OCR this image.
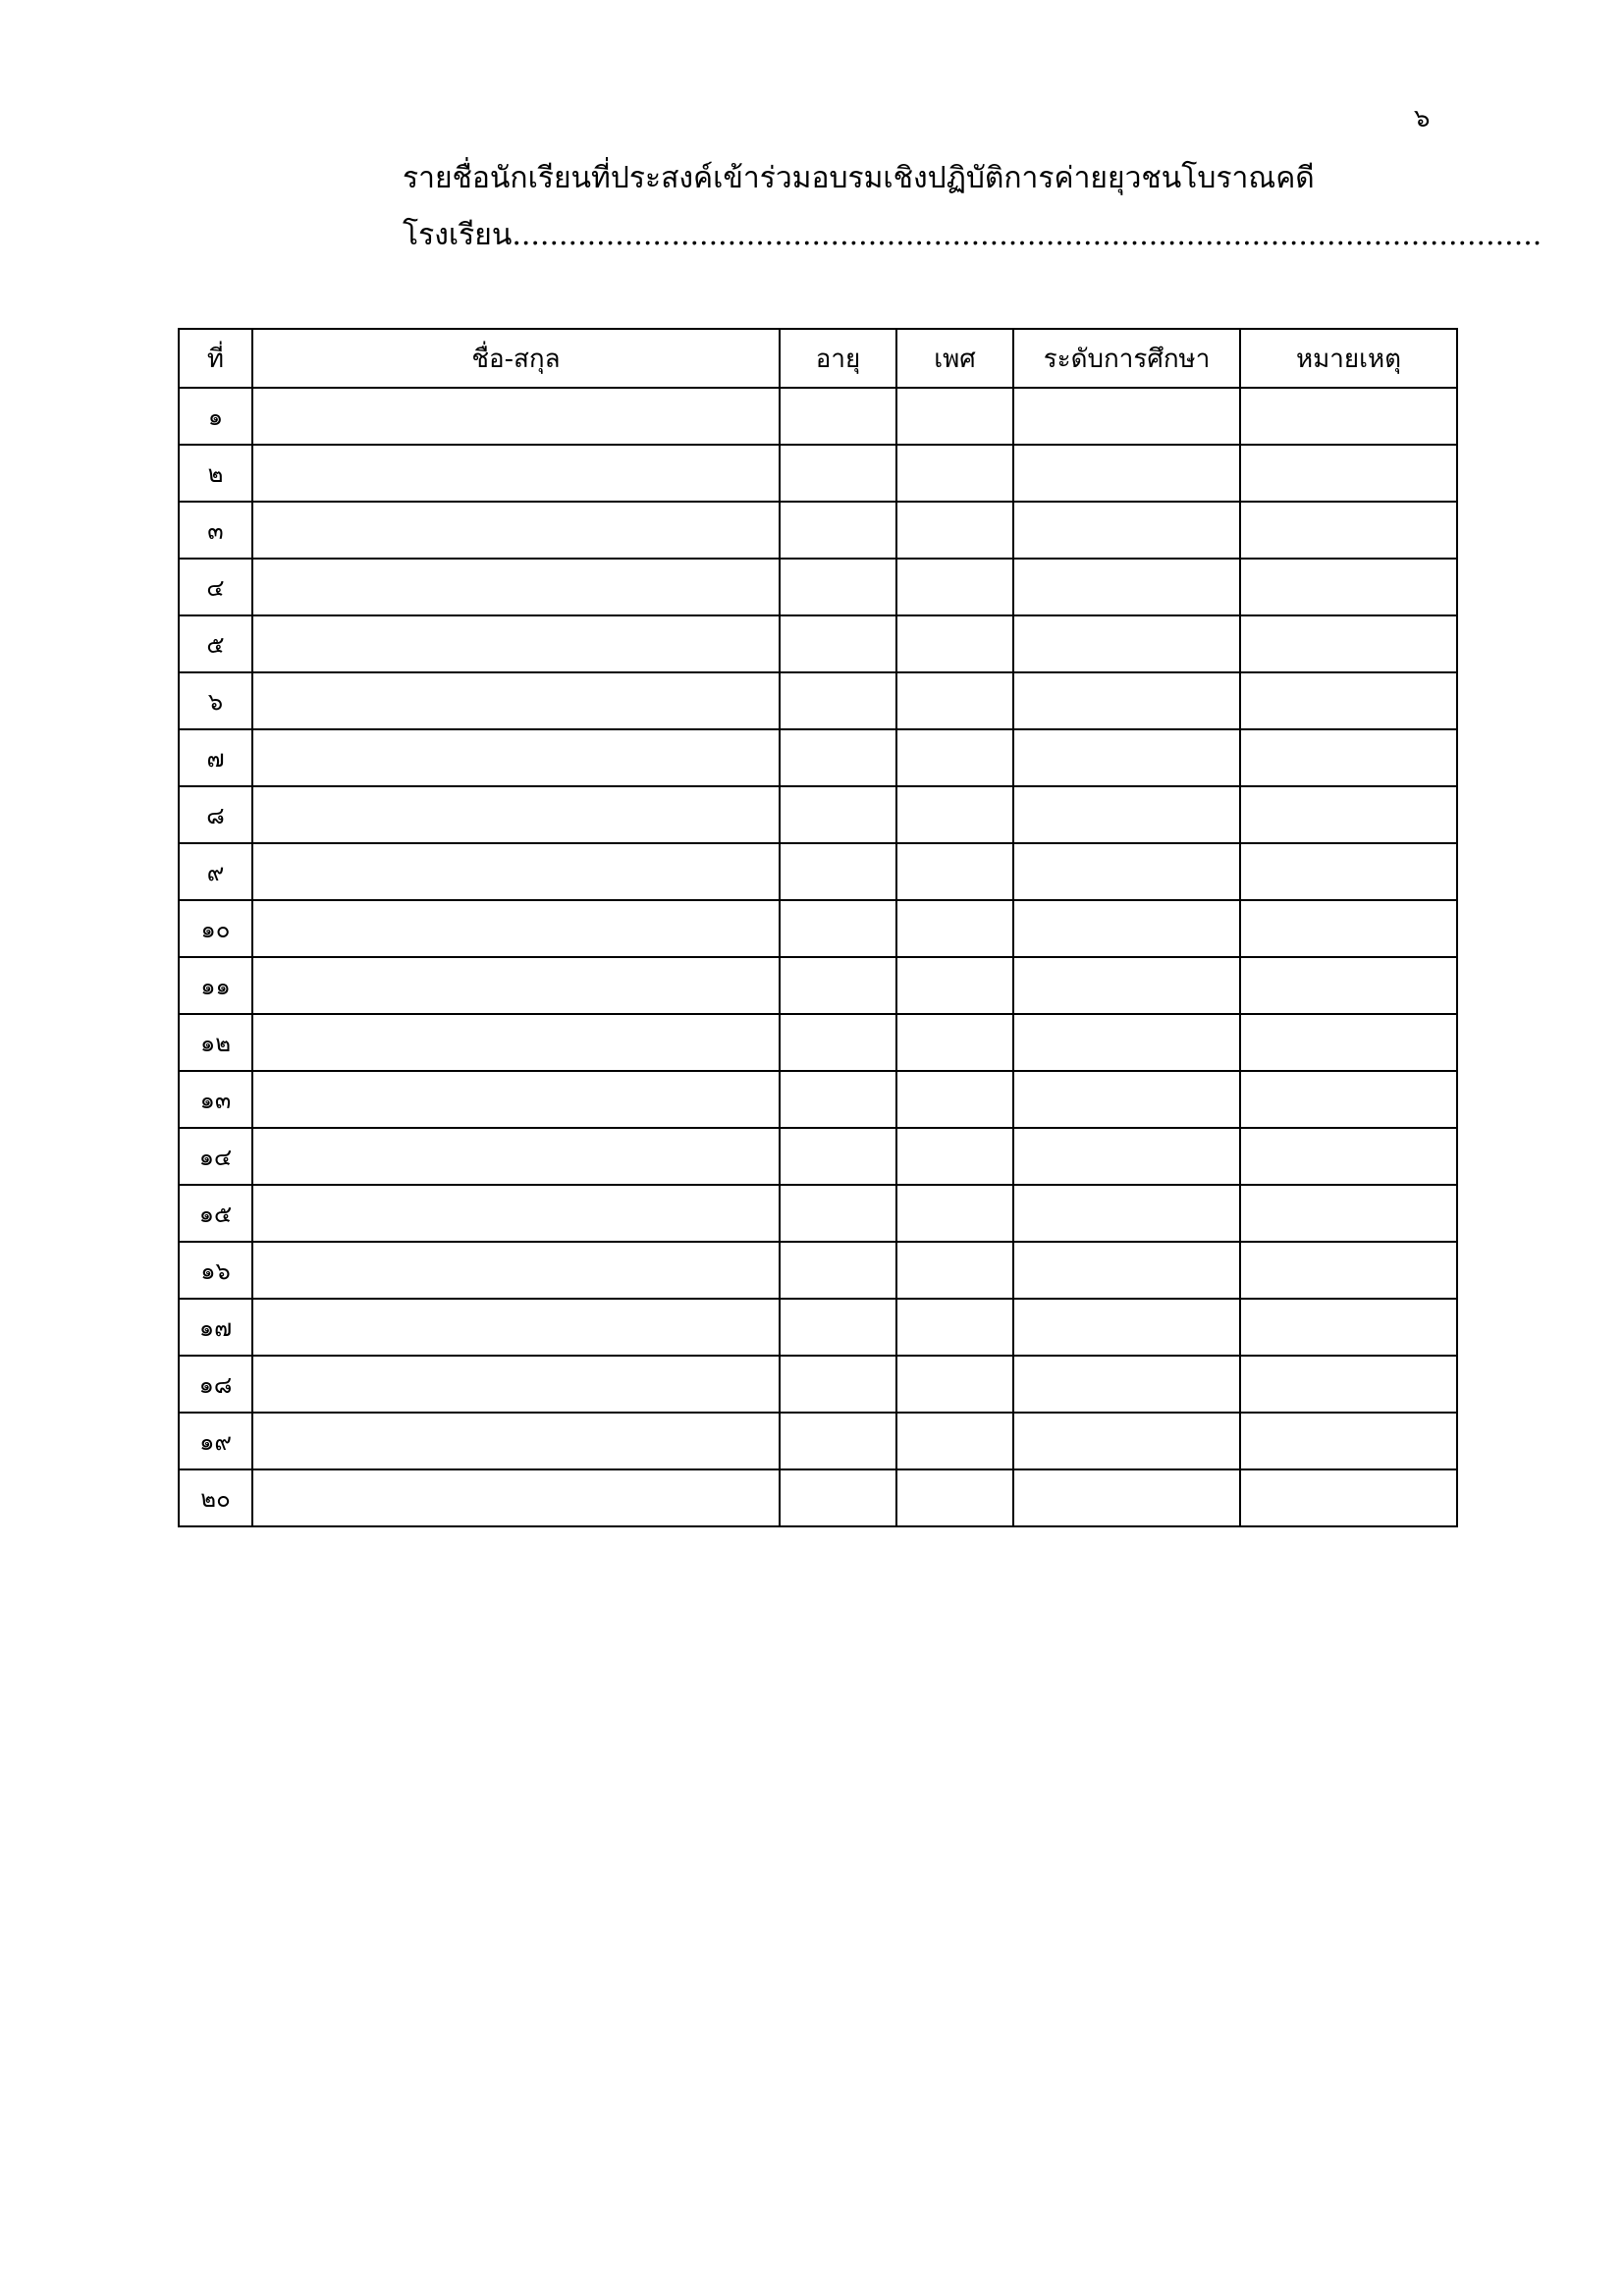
๖
รายชื่อนักเรียนที่ประสงค์เข้าร่วมอบรมเชิงปฏิบัติการค่ายยุวชนโบราณคดี
โรงเรียน..............................................................................................................
ที่	ชื่อ-สกุล	อายุ	เพศ	ระดับการศึกษา	หมายเหตุ
๑					
๒					
๓					
๔					
๕					
๖					
๗					
๘					
๙					
๑๐					
๑๑					
๑๒					
๑๓					
๑๔					
๑๕					
๑๖					
๑๗					
๑๘					
๑๙					
๒๐					
